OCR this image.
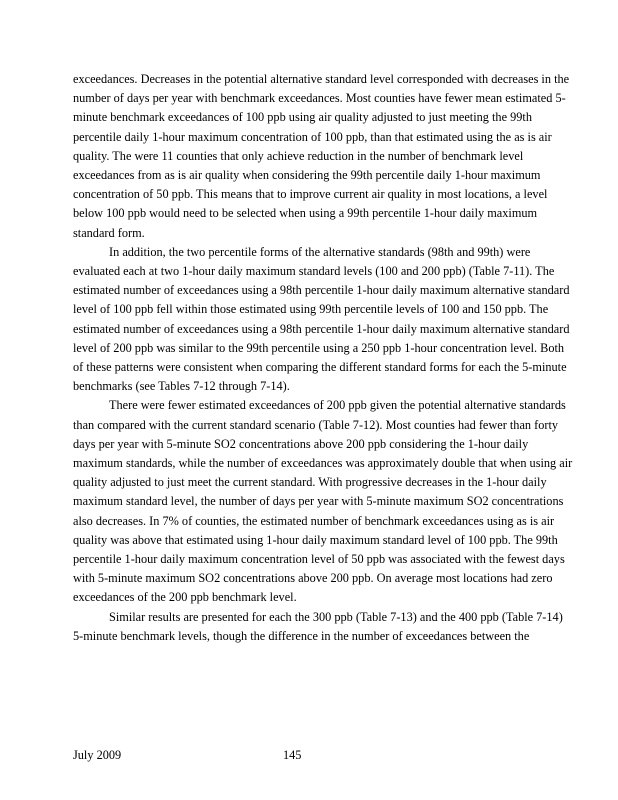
exceedances. Decreases in the potential alternative standard level corresponded with decreases in the number of days per year with benchmark exceedances. Most counties have fewer mean estimated 5-minute benchmark exceedances of 100 ppb using air quality adjusted to just meeting the 99th percentile daily 1-hour maximum concentration of 100 ppb, than that estimated using the as is air quality. The were 11 counties that only achieve reduction in the number of benchmark level exceedances from as is air quality when considering the 99th percentile daily 1-hour maximum concentration of 50 ppb. This means that to improve current air quality in most locations, a level below 100 ppb would need to be selected when using a 99th percentile 1-hour daily maximum standard form.

In addition, the two percentile forms of the alternative standards (98th and 99th) were evaluated each at two 1-hour daily maximum standard levels (100 and 200 ppb) (Table 7-11). The estimated number of exceedances using a 98th percentile 1-hour daily maximum alternative standard level of 100 ppb fell within those estimated using 99th percentile levels of 100 and 150 ppb. The estimated number of exceedances using a 98th percentile 1-hour daily maximum alternative standard level of 200 ppb was similar to the 99th percentile using a 250 ppb 1-hour concentration level. Both of these patterns were consistent when comparing the different standard forms for each the 5-minute benchmarks (see Tables 7-12 through 7-14).

There were fewer estimated exceedances of 200 ppb given the potential alternative standards than compared with the current standard scenario (Table 7-12). Most counties had fewer than forty days per year with 5-minute SO2 concentrations above 200 ppb considering the 1-hour daily maximum standards, while the number of exceedances was approximately double that when using air quality adjusted to just meet the current standard. With progressive decreases in the 1-hour daily maximum standard level, the number of days per year with 5-minute maximum SO2 concentrations also decreases. In 7% of counties, the estimated number of benchmark exceedances using as is air quality was above that estimated using 1-hour daily maximum standard level of 100 ppb. The 99th percentile 1-hour daily maximum concentration level of 50 ppb was associated with the fewest days with 5-minute maximum SO2 concentrations above 200 ppb. On average most locations had zero exceedances of the 200 ppb benchmark level.

Similar results are presented for each the 300 ppb (Table 7-13) and the 400 ppb (Table 7-14) 5-minute benchmark levels, though the difference in the number of exceedances between the

July 2009	145
